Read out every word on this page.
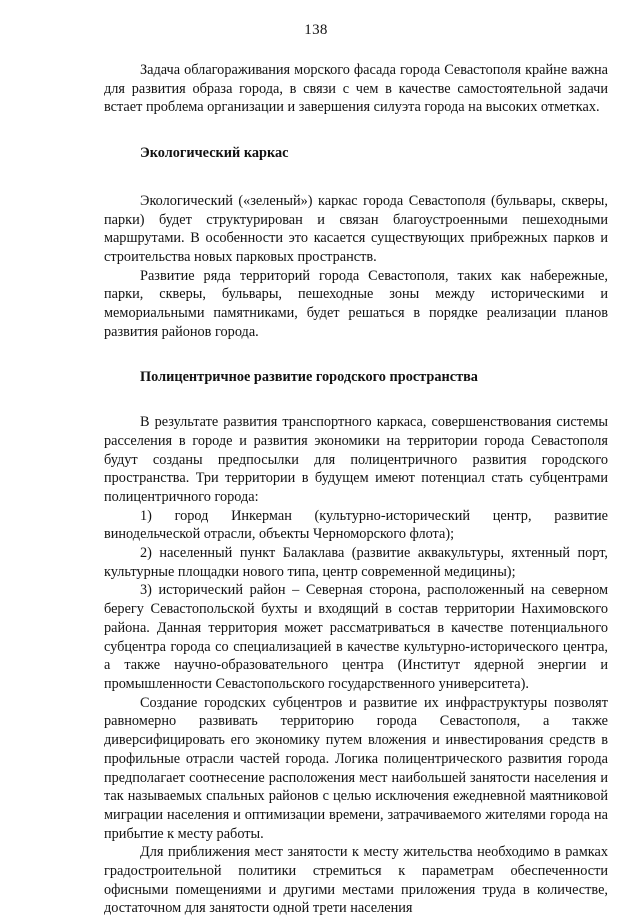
138

Задача облагораживания морского фасада города Севастополя крайне важна для развития образа города, в связи с чем в качестве самостоятельной задачи встает проблема организации и завершения силуэта города на высоких отметках.

Экологический каркас

Экологический («зеленый») каркас города Севастополя (бульвары, скверы, парки) будет структурирован и связан благоустроенными пешеходными маршрутами. В особенности это касается существующих прибрежных парков и строительства новых парковых пространств.

Развитие ряда территорий города Севастополя, таких как набережные, парки, скверы, бульвары, пешеходные зоны между историческими и мемориальными памятниками, будет решаться в порядке реализации планов развития районов города.

Полицентричное развитие городского пространства

В результате развития транспортного каркаса, совершенствования системы расселения в городе и развития экономики на территории города Севастополя будут созданы предпосылки для полицентричного развития городского пространства. Три территории в будущем имеют потенциал стать субцентрами полицентричного города:

1) город Инкерман (культурно-исторический центр, развитие винодельческой отрасли, объекты Черноморского флота);

2) населенный пункт Балаклава (развитие аквакультуры, яхтенный порт, культурные площадки нового типа, центр современной медицины);

3) исторический район – Северная сторона, расположенный на северном берегу Севастопольской бухты и входящий в состав территории Нахимовского района. Данная территория может рассматриваться в качестве потенциального субцентра города со специализацией в качестве культурно-исторического центра, а также научно-образовательного центра (Институт ядерной энергии и промышленности Севастопольского государственного университета).

Создание городских субцентров и развитие их инфраструктуры позволят равномерно развивать территорию города Севастополя, а также диверсифицировать его экономику путем вложения и инвестирования средств в профильные отрасли частей города. Логика полицентрического развития города предполагает соотнесение расположения мест наибольшей занятости населения и так называемых спальных районов с целью исключения ежедневной маятниковой миграции населения и оптимизации времени, затрачиваемого жителями города на прибытие к месту работы.

Для приближения мест занятости к месту жительства необходимо в рамках градостроительной политики стремиться к параметрам обеспеченности офисными помещениями и другими местами приложения труда в количестве, достаточном для занятости одной трети населения
